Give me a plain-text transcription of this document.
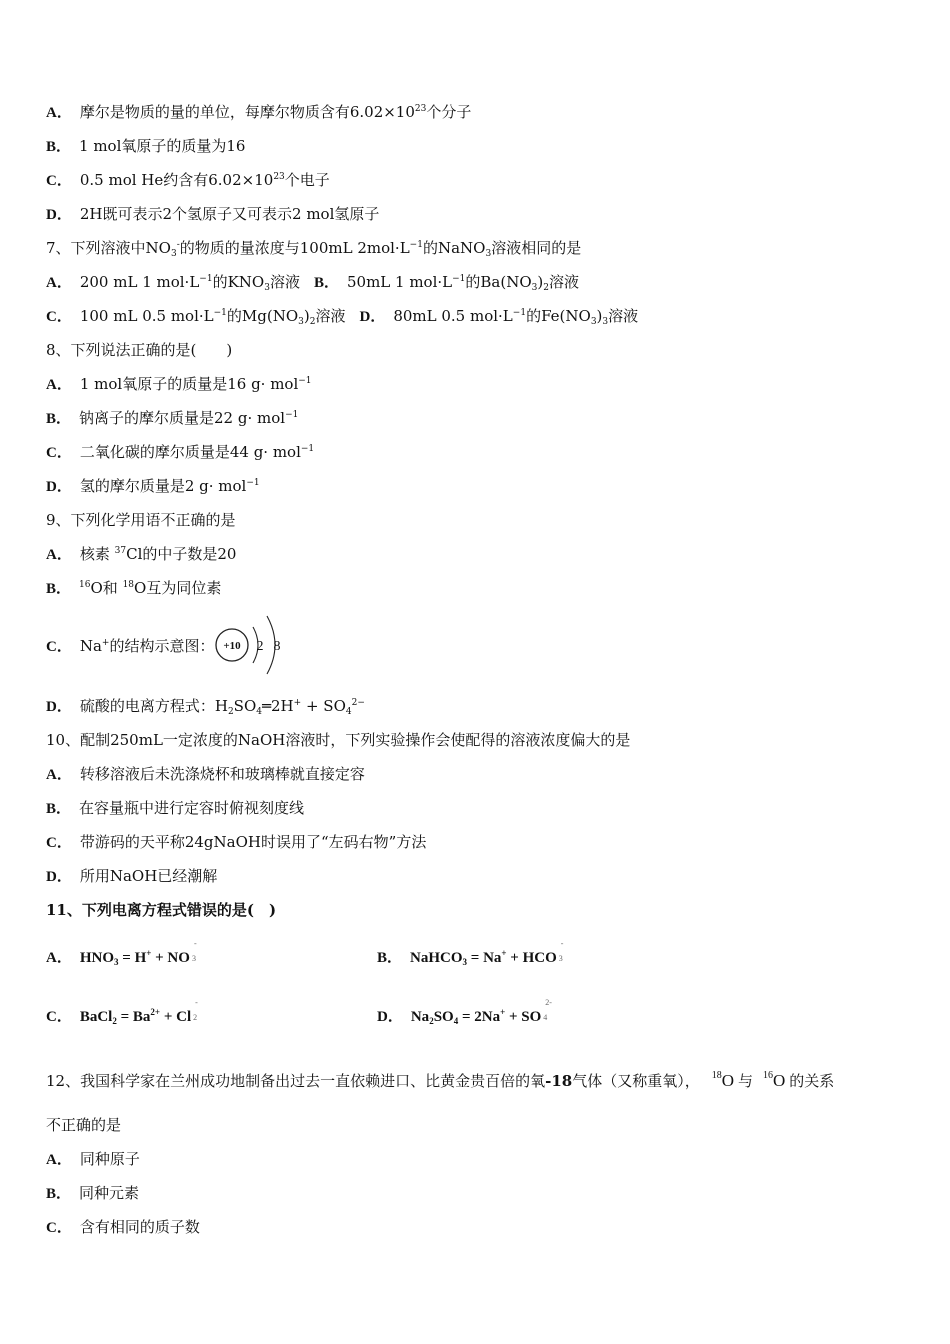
A． 摩尔是物质的量的单位，每摩尔物质含有$6.02\times 10^{23}$个分子
B． 1 mol氧原子的质量为16
C． 0.5 mol He约含有$6.02\times 10^{23}$个电子
D． 2H既可表示2个氢原子又可表示2 mol氢原子
7、下列溶液中$NO_3^-$的物质的量浓度与100mL $2mol\cdot L^{-1}$的NaNO$_3$溶液相同的是
A． 200 mL 1 $mol\cdot L^{-1}$的$KNO_3$溶液 B． 50mL 1 $mol\cdot L^{-1}$的$Ba(NO_3)_2$溶液
C． 100 mL 0.5 $mol\cdot L^{-1}$的$Mg(NO_3)_2$溶液 D． 80mL 0.5 $mol\cdot L^{-1}$的$Fe(NO_3)_3$溶液
8、下列说法正确的是(　　)
A． 1 mol氧原子的质量是16 g· mol$^{-1}$
B． 钠离子的摩尔质量是22 g· mol$^{-1}$
C． 二氧化碳的摩尔质量是44 g· mol$^{-1}$
D． 氢的摩尔质量是2 g· mol$^{-1}$
9、下列化学用语不正确的是
A． 核素 $^{37}$Cl的中子数是20
B． $^{16}$O和 $^{18}$O互为同位素
C． Na+的结构示意图： +10 2 8
D． 硫酸的电离方程式：$H_2SO_4═2H^+ + SO_4^{2-}$
10、配制250mL一定浓度的NaOH溶液时，下列实验操作会使配得的溶液浓度偏大的是
A． 转移溶液后未洗涤烧杯和玻璃棒就直接定容
B． 在容量瓶中进行定容时俯视刻度线
C． 带游码的天平称24gNaOH时误用了“左码右物”方法
D． 所用NaOH已经潮解
11、下列电离方程式错误的是(　)
A． $HNO_3 = H^+$ + NO
-
3	B． NaHCO$_3$ = Na+ + HCO
-
3
C． BaCl$_2$ = $Ba^{2+} + Cl$
-
2	D． $Na_2SO_4 = 2Na^+$ + SO
2-
4
12、我国科学家在兰州成功地制备出过去一直依赖进口、比黄金贵百倍的氧-18气体（又称重氧）， $^{18}$O 与 $^{16}$O 的关系
不正确的是
A． 同种原子
B． 同种元素
C． 含有相同的质子数
